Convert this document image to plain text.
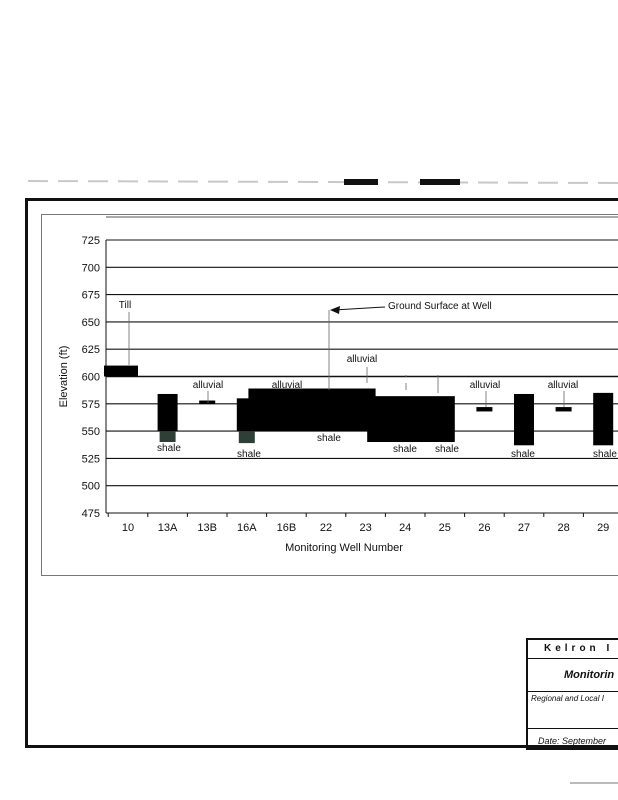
725
700
675
650
625
600
575
550
525
500
475
10 13A 13B 16A 16B 22 23 24 25 26 27 28 29
Monitoring Well Number
Elevation (ft)
Till
alluvial	alluvial
alluvial
alluvial	alluvial
shale
shale
shale
shale shale	shale	shale
Ground Surface at Well
Kelron I
Monitorin
Regional and Local I
Date: September
